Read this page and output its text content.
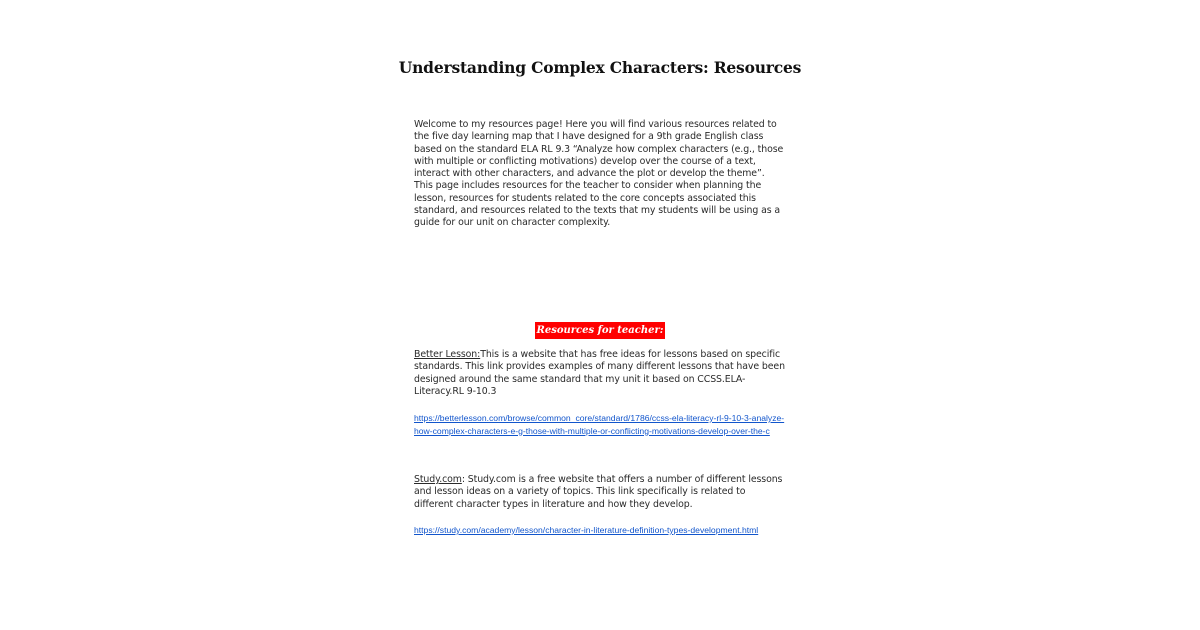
Understanding Complex Characters: Resources
Welcome to my resources page! Here you will find various resources related to the five day learning map that I have designed for a 9th grade English class based on the standard ELA RL 9.3 “Analyze how complex characters (e.g., those with multiple or conflicting motivations) develop over the course of a text, interact with other characters, and advance the plot or develop the theme”. This page includes resources for the teacher to consider when planning the lesson, resources for students related to the core concepts associated this standard, and resources related to the texts that my students will be using as a guide for our unit on character complexity.
Resources for teacher:
Better Lesson:This is a website that has free ideas for lessons based on specific standards. This link provides examples of many different lessons that have been designed around the same standard that my unit it based on CCSS.ELA-Literacy.RL 9-10.3
https://betterlesson.com/browse/common_core/standard/1786/ccss-ela-literacy-rl-9-10-3-analyze-how-complex-characters-e-g-those-with-multiple-or-conflicting-motivations-develop-over-the-c
Study.com: Study.com is a free website that offers a number of different lessons and lesson ideas on a variety of topics. This link specifically is related to different character types in literature and how they develop.
https://study.com/academy/lesson/character-in-literature-definition-types-development.html
